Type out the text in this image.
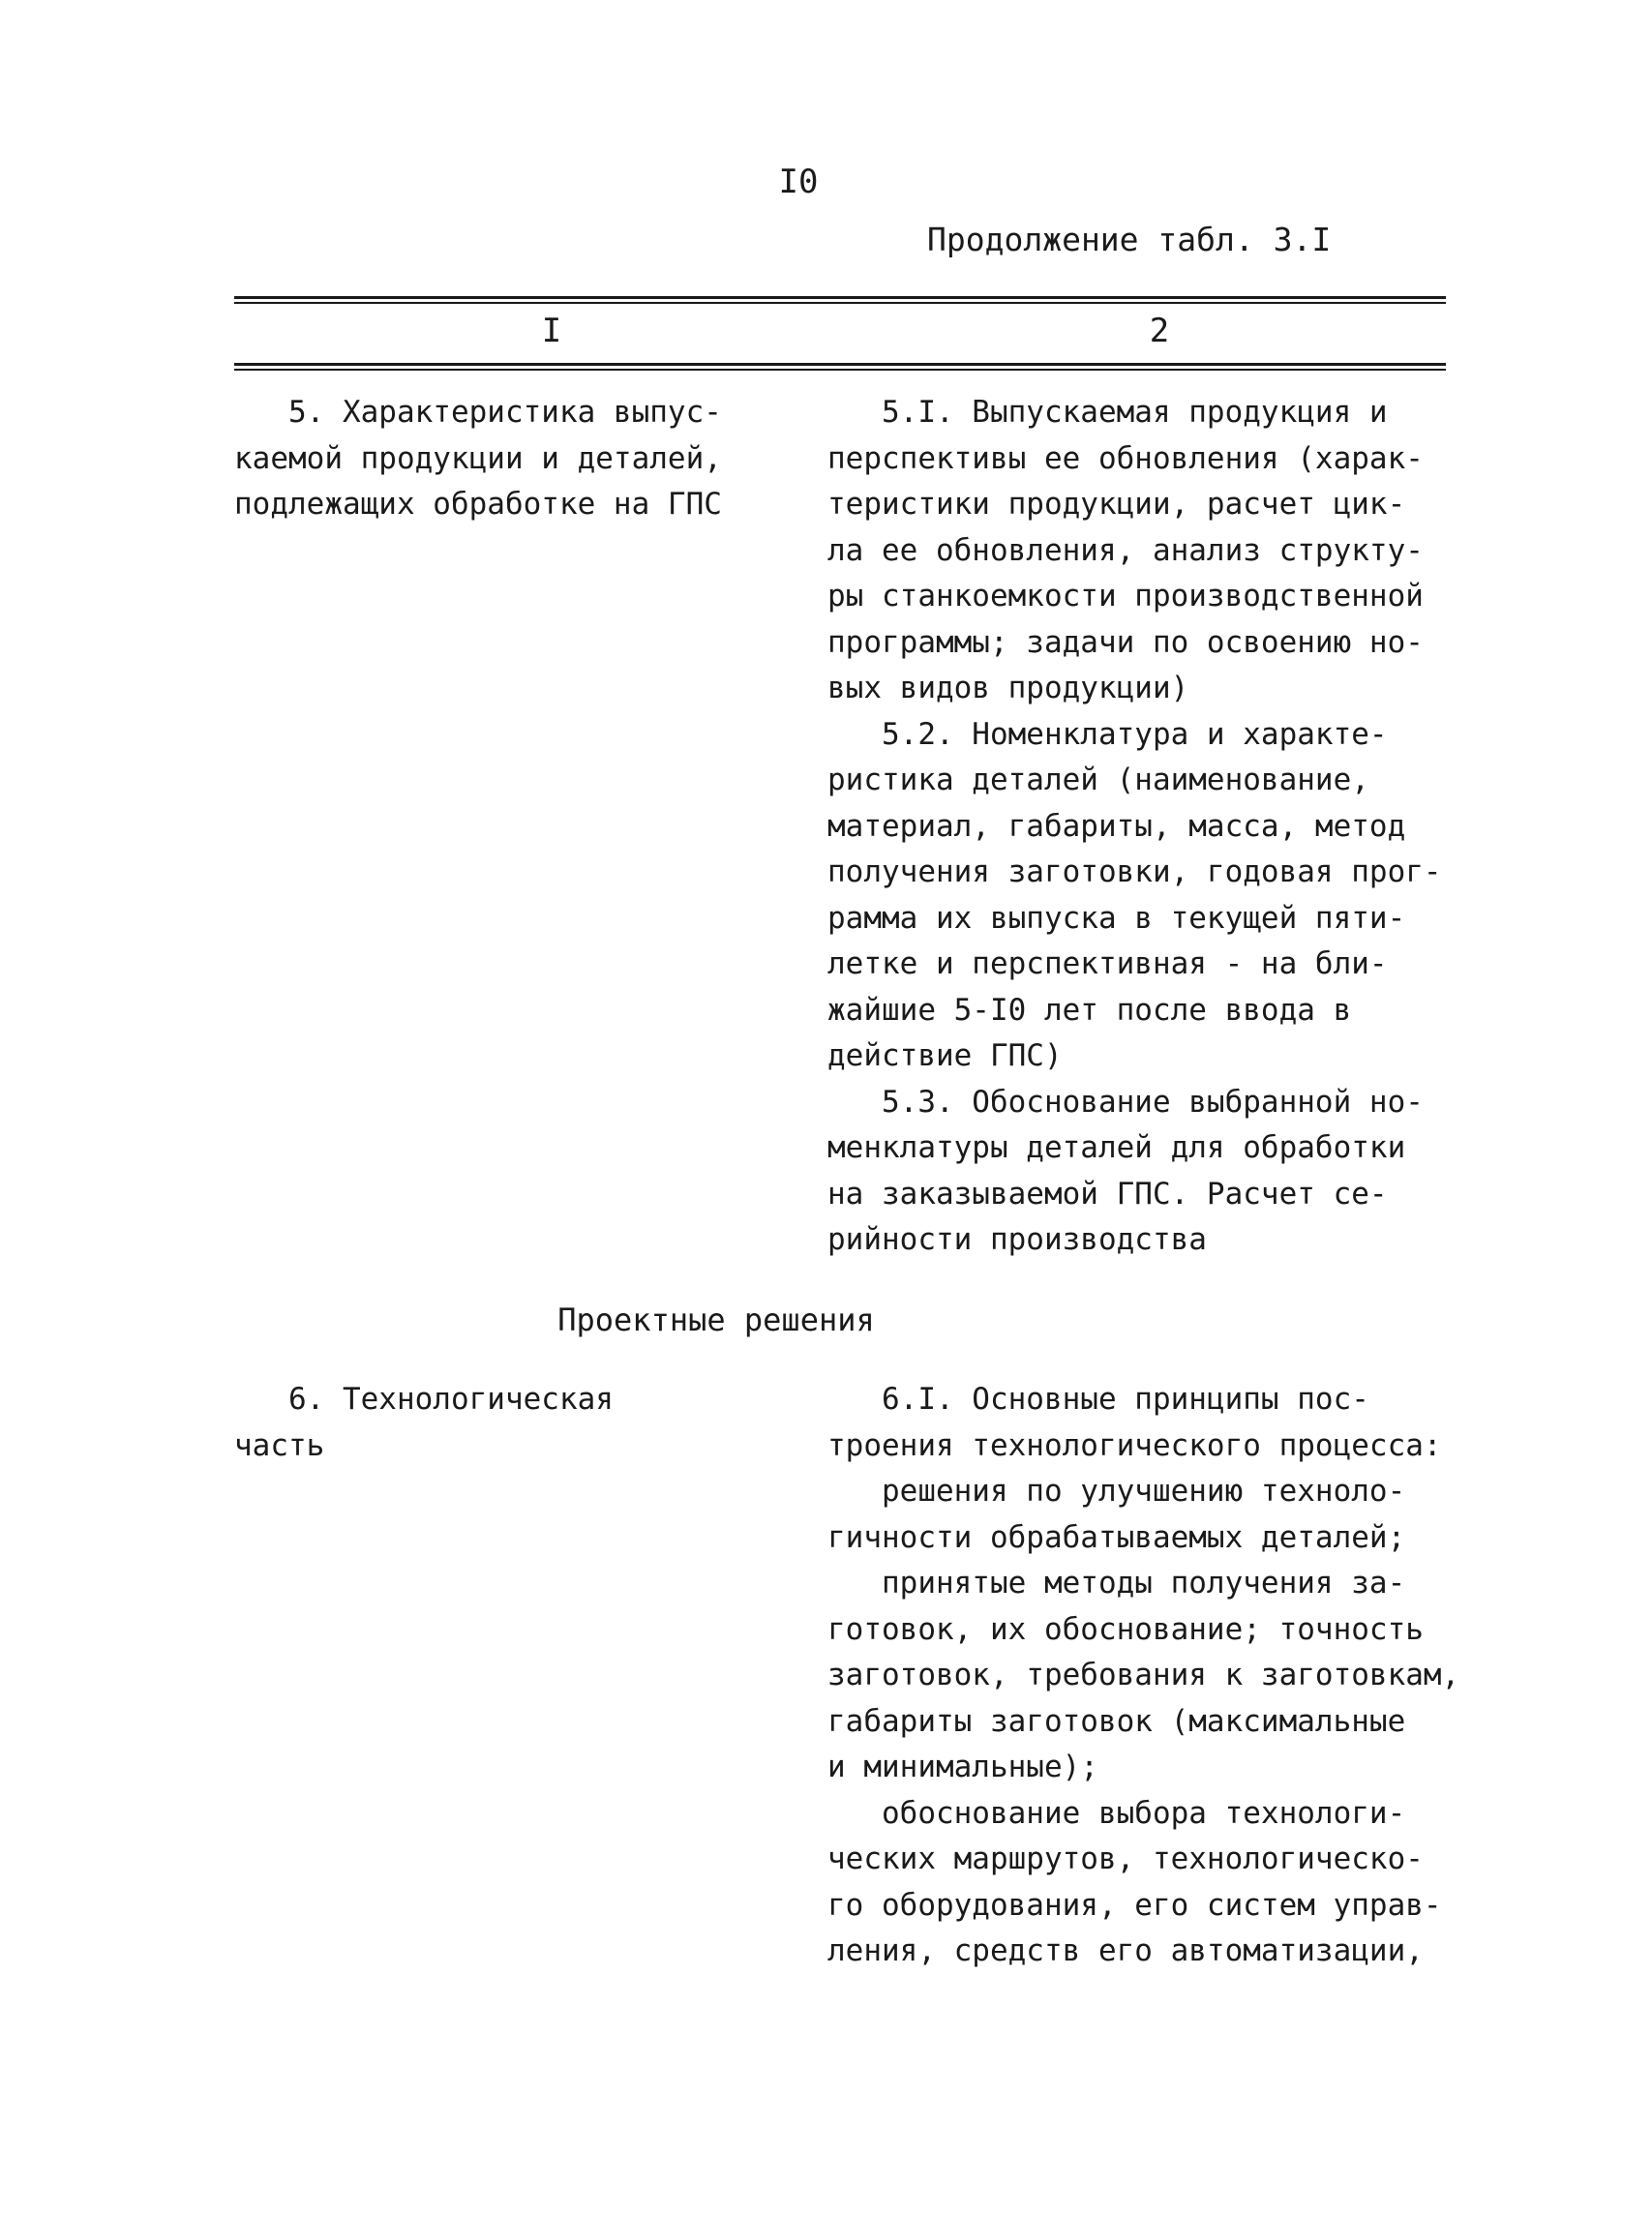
I0
Продолжение табл. 3.I
I	2
5. Характеристика выпус-
каемой продукции и деталей,
подлежащих обработке на ГПС
5.I. Выпускаемая продукция и
перспективы ее обновления (харак-
теристики продукции, расчет цик-
ла ее обновления, анализ структу-
ры станкоемкости производственной
программы; задачи по освоению но-
вых видов продукции)
5.2. Номенклатура и характе-
ристика деталей (наименование,
материал, габариты, масса, метод
получения заготовки, годовая прог-
рамма их выпуска в текущей пяти-
летке и перспективная - на бли-
жайшие 5-I0 лет после ввода в
действие ГПС)
5.3. Обоснование выбранной но-
менклатуры деталей для обработки
на заказываемой ГПС. Расчет се-
рийности производства
Проектные решения
6. Технологическая
часть
6.I. Основные принципы пос-
троения технологического процесса:
решения по улучшению техноло-
гичности обрабатываемых деталей;
принятые методы получения за-
готовок, их обоснование; точность
заготовок, требования к заготовкам,
габариты заготовок (максимальные
и минимальные);
обоснование выбора технологи-
ческих маршрутов, технологическо-
го оборудования, его систем управ-
ления, средств его автоматизации,
